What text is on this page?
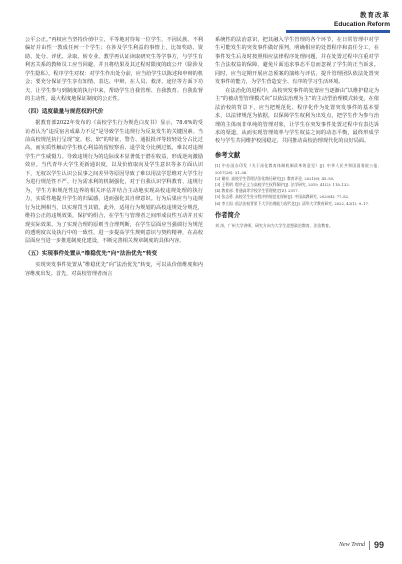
教育改革
Education Reform

公平公正。”再权应当坚持价值中立，平等地对待每一位学生，不因民族、不利偏好并由性一教成任何一个学生；在涉及学生利益的事情上，比如奖助、资助、处分、评优、录取、转专业、教学再认证读取研究生等学事方，与学生有利害关系的教师员工应当回避，并且将结果及其过程时限度的政公开（除涉及学生隐私）。程序学生对权：对学生作出处分前，应当给学生以陈述和申辩的机会；要充分保证学生享有知情、表达、申辩、在人员、救济、途径等方面下功夫，让学生参与到制度的执行中来，帮助学生自我管理、自我教育、自我监督的主动性，最大程度地保证制度的公正性。

（四）适度裁量与规范权的代价

据教育部2022年发布的《高校学生行为规范白皮书》显示，78.6%的受访者认为“违反宿舍成暴力不足”是导致学生违规行为反复发生的关键因素。当前高校规范执行呈现“宽、松、软”的特征，警告、通报批评等较轻处分占比过高，而实质性触动学生核心利益的留校察看、退学处分比例过低，难以对违规学生产生威慑力。导致违规行为的边际成本显著低于潜在收益，形成逆向激励效应。当代青年大学生更新通识度，以及价值取向及学生意识等多方面认识下，无权以学生认识公民事之间差异等原因导致了难以用法学思维对大学生行为进行规范性不严、行为需求利的机制强化，对于自我认识学科教育、违规行为，学生方和规范性边界的相关评估并结合主动地实现高校违规处理的执行力，实质性地提升学生的归属感，进而强化其自律意识。行为后果应当与违规行为比例相当，以实现罚当其错。此外，适用行为规划的高校违规处分规范，维持公正的违规效果，保护的组合，在学生与管理者之间形成良性互动并且实现实际效果。为了实现合理的原则当合理判断，在学生层面应当强调行为规范的透明度以及执行中的一致性，进一步提高学生规则意识与契约精神，在高校层面应当进一步推进制度化建设，不断完善相关规章制度的具体内容。

（五）实现事件处置从“维稳优先”向“法治优先”转变

实现突发事件处置从“维稳优先”向“法治优先”转变，可以从价值维度和内容维度出发。首先，对高校管理者而言

系统性的法治意识，把其融入学生管理的各个环节，在日常管理中对学生可能发生的突发事件做好预判，明确相应的处置程序和责任分工，在事件发生后及时按照相应法律程序处理问题，并在处置过程中注重对学生合法权益的保障，避免片面追求事态平息而忽视了学生的正当诉求。同时，应当定期开展应急预案的演练与评估，提升管理团队依法处置突发事件的能力，为学生营造安全、有序的学习生活环境。

在法治化的进程中，高校突发事件的处置应当逐渐由“以维护稳定为主”的被动型管理模式向“以依法治理为主”的主动型治理模式转变。在依法治校的背景下，应当把规范化、程序化作为处置突发事件的基本要求，以法律规范为依据，以保障学生权利为出发点，把学生作为参与治理的主体而非单纯的管理对象，让学生在突发事件处置过程中有表达诉求的渠道，从而实现管理效率与学生权益之间的动态平衡，最终形成学校与学生共同维护校园稳定、共同推动高校治理现代化的良好局面。

参考文献
[1] 中办国办印发《关于深化教育体制机制改革的意见》[J]. 中华人民共和国国务院公报, 2017(28): 31–36.
[2] 谢亮. 高校学生管理法治化路径研究[J]. 教育评论, 2021(6): 45–50.
[3] 王利明. 程序正义与高校学生权利保护[J]. 法学研究, 2019, 41(2): 118–132.
[4] 教育部. 普通高等学校学生管理规定[Z]. 2017.
[5] 张志勇. 高校学生处分程序的规范化探析[J]. 中国高教研究, 2020(4): 77–82.
[6] 李立国. 依法治校背景下大学治理能力现代化[J]. 清华大学教育研究, 2022, 43(1): 9–17.
作者简介
刘 涛，广州大学讲师，研究方向为大学生思想政治教育、法治教育。
New Trend 99
